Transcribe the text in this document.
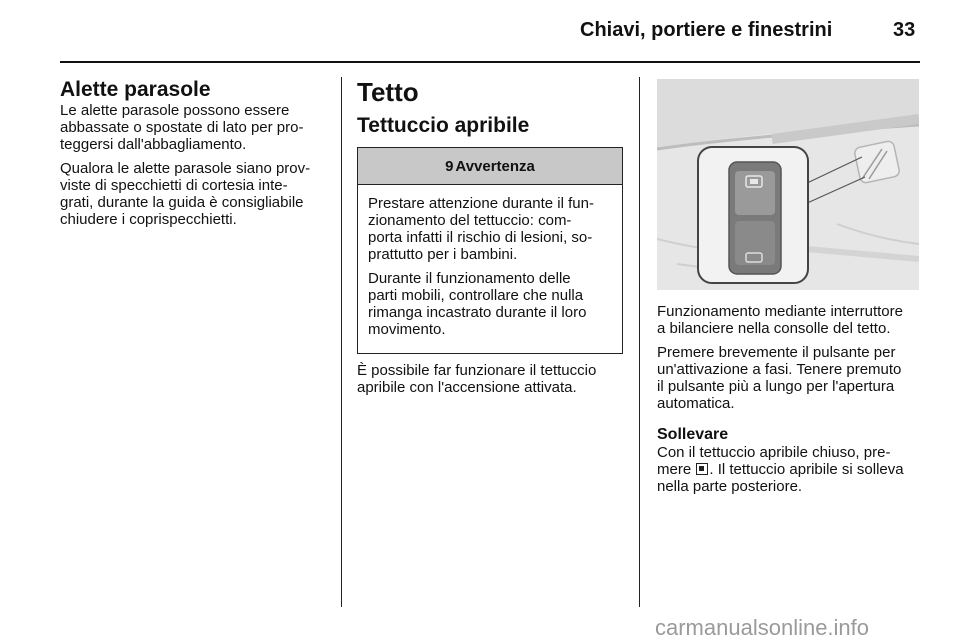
Chiavi, portiere e finestrini	33
Alette parasole

Le alette parasole possono essere
abbassate o spostate di lato per pro-
teggersi dall'abbagliamento.

Qualora le alette parasole siano prov-
viste di specchietti di cortesia inte-
grati, durante la guida è consigliabile
chiudere i coprispecchietti.

Tetto
Tettuccio apribile
9 Avvertenza

Prestare attenzione durante il fun-
zionamento del tettuccio: com-
porta infatti il rischio di lesioni, so-
prattutto per i bambini.

Durante il funzionamento delle
parti mobili, controllare che nulla
rimanga incastrato durante il loro
movimento.

È possibile far funzionare il tettuccio
apribile con l'accensione attivata.

Funzionamento mediante interruttore
a bilanciere nella consolle del tetto.

Premere brevemente il pulsante per
un'attivazione a fasi. Tenere premuto
il pulsante più a lungo per l'apertura
automatica.

Sollevare

Con il tettuccio apribile chiuso, pre-
mere . Il tettuccio apribile si solleva
nella parte posteriore.

carmanualsonline.info
